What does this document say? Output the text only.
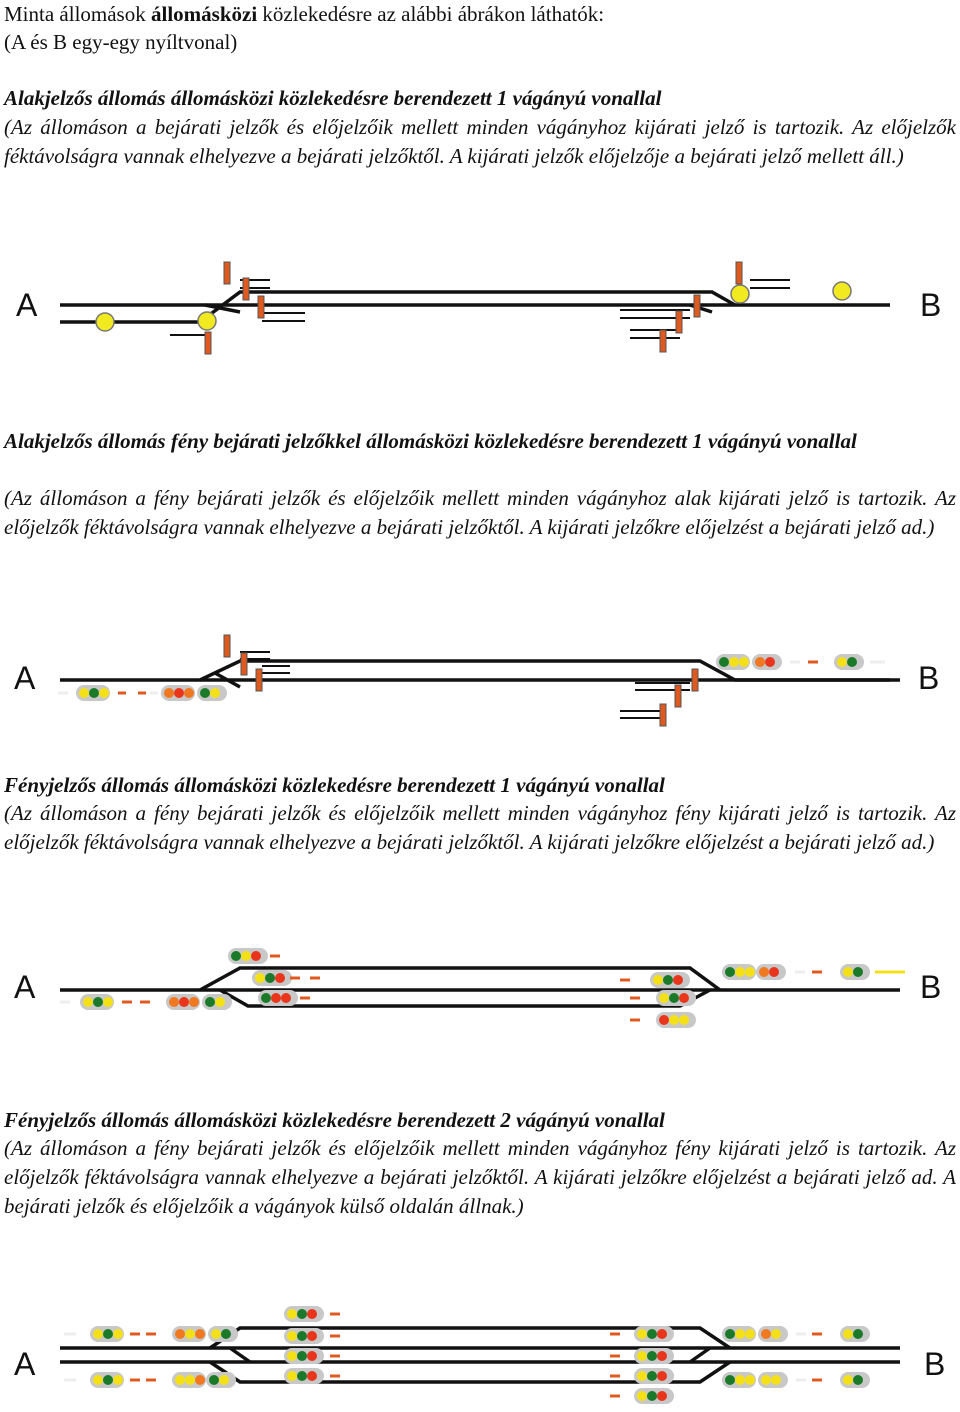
Minta állomások állomásközi közlekedésre az alábbi ábrákon láthatók:
(A és B egy-egy nyíltvonal)
Alakjelzős állomás állomásközi közlekedésre berendezett 1 vágányú vonallal
(Az állomáson a bejárati jelzők és előjelzőik mellett minden vágányhoz kijárati jelző is tartozik. Az előjelzők féktávolságra vannak elhelyezve a bejárati jelzőktől. A kijárati jelzők előjelzője a bejárati jelző mellett áll.)
A	B
Alakjelzős állomás fény bejárati jelzőkkel állomásközi közlekedésre berendezett 1 vágányú vonallal
(Az állomáson a fény bejárati jelzők és előjelzőik mellett minden vágányhoz alak kijárati jelző is tartozik. Az előjelzők féktávolságra vannak elhelyezve a bejárati jelzőktől. A kijárati jelzőkre előjelzést a bejárati jelző ad.)
A	B
Fényjelzős állomás állomásközi közlekedésre berendezett 1 vágányú vonallal
(Az állomáson a fény bejárati jelzők és előjelzőik mellett minden vágányhoz fény kijárati jelző is tartozik. Az előjelzők féktávolságra vannak elhelyezve a bejárati jelzőktől. A kijárati jelzőkre előjelzést a bejárati jelző ad.)
A	B
Fényjelzős állomás állomásközi közlekedésre berendezett 2 vágányú vonallal
(Az állomáson a fény bejárati jelzők és előjelzőik mellett minden vágányhoz fény kijárati jelző is tartozik. Az előjelzők féktávolságra vannak elhelyezve a bejárati jelzőktől. A kijárati jelzőkre előjelzést a bejárati jelző ad. A bejárati jelzők és előjelzőik a vágányok külső oldalán állnak.)
A	B
